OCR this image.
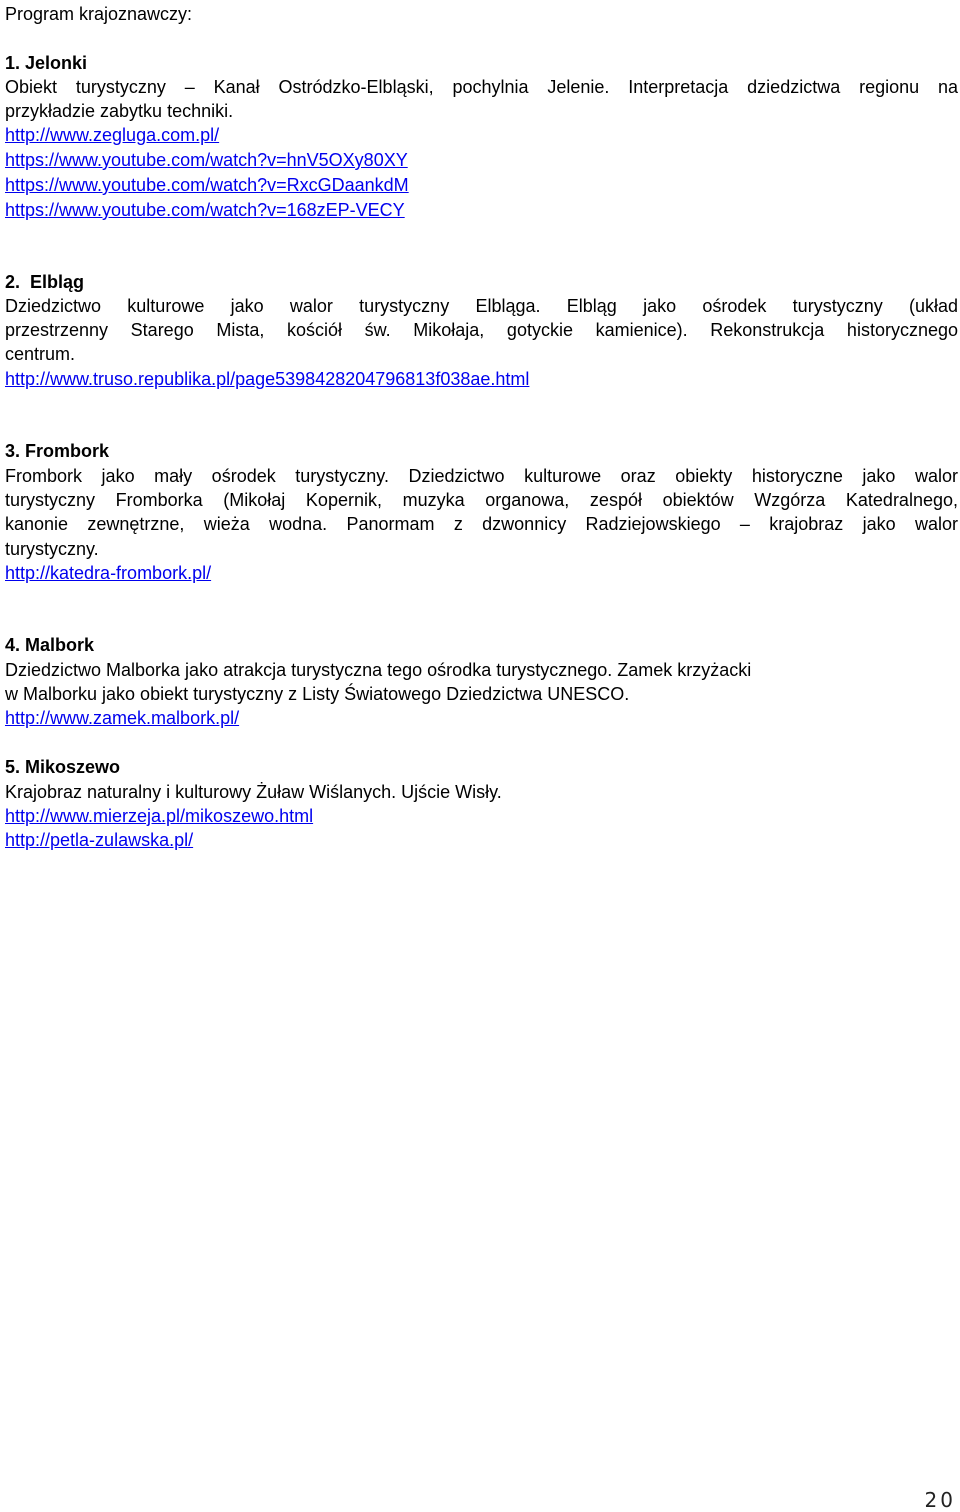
Program krajoznawczy:
1. Jelonki
Obiekt turystyczny – Kanał Ostródzko-Elbląski, pochylnia Jelenie. Interpretacja dziedzictwa regionu na
przykładzie zabytku techniki.
http://www.zegluga.com.pl/
https://www.youtube.com/watch?v=hnV5OXy80XY
https://www.youtube.com/watch?v=RxcGDaankdM
https://www.youtube.com/watch?v=168zEP-VECY
2.  Elbląg
Dziedzictwo kulturowe jako walor turystyczny Elbląga. Elbląg jako ośrodek turystyczny (układ
przestrzenny Starego Mista, kościół św. Mikołaja, gotyckie kamienice). Rekonstrukcja historycznego
centrum.
http://www.truso.republika.pl/page5398428204796813f038ae.html
3. Frombork
Frombork jako mały ośrodek turystyczny. Dziedzictwo kulturowe oraz obiekty historyczne jako walor
turystyczny Fromborka (Mikołaj Kopernik, muzyka organowa, zespół obiektów Wzgórza Katedralnego,
kanonie zewnętrzne, wieża wodna. Panormam z dzwonnicy Radziejowskiego – krajobraz jako walor
turystyczny.
http://katedra-frombork.pl/
4. Malbork
Dziedzictwo Malborka jako atrakcja turystyczna tego ośrodka turystycznego. Zamek krzyżacki
w Malborku jako obiekt turystyczny z Listy Światowego Dziedzictwa UNESCO.
http://www.zamek.malbork.pl/
5. Mikoszewo
Krajobraz naturalny i kulturowy Żuław Wiślanych. Ujście Wisły.
http://www.mierzeja.pl/mikoszewo.html
http://petla-zulawska.pl/
20
